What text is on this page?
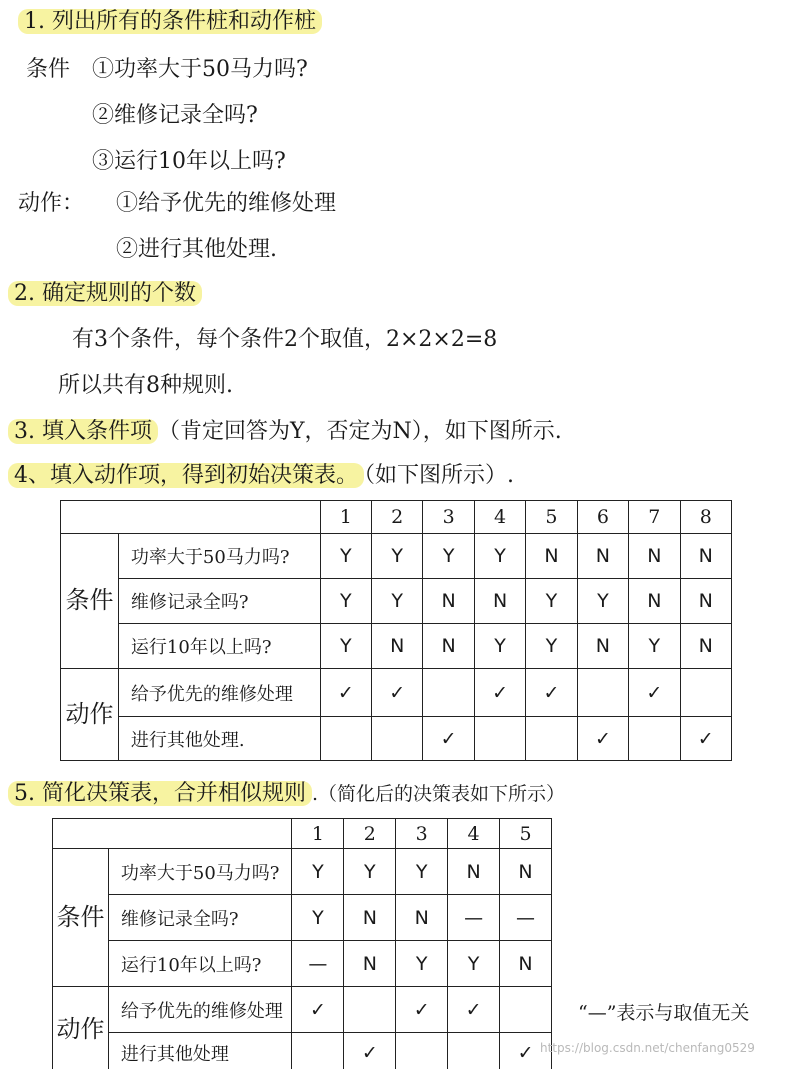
1. 列出所有的条件桩和动作桩
条件 ①功率大于50马力吗?
②维修记录全吗?
③运行10年以上吗?
动作： ①给予优先的维修处理
②进行其他处理.
2. 确定规则的个数
有3个条件，每个条件2个取值，2×2×2=8
所以共有8种规则.
3. 填入条件项 （肯定回答为Y，否定为N），如下图所示.
4、填入动作项，得到初始决策表。 （如下图所示）.
		1	2	3	4	5	6	7	8
条件	功率大于50马力吗?	Y	Y	Y	Y	N	N	N	N
	维修记录全吗?	Y	Y	N	N	Y	Y	N	N
	运行10年以上吗?	Y	N	N	Y	Y	N	Y	N
动作	给予优先的维修处理	✓	✓		✓	✓		✓	
	进行其他处理.			✓			✓		✓
5. 简化决策表，合并相似规则 .（简化后的决策表如下所示）
		1	2	3	4	5
条件	功率大于50马力吗?	Y	Y	Y	N	N
	维修记录全吗?	Y	N	N	—	—
	运行10年以上吗?	—	N	Y	Y	N
动作	给予优先的维修处理	✓		✓	✓	
	进行其他处理		✓			✓
“—”表示与取值无关
https://blog.csdn.net/chenfang0529
